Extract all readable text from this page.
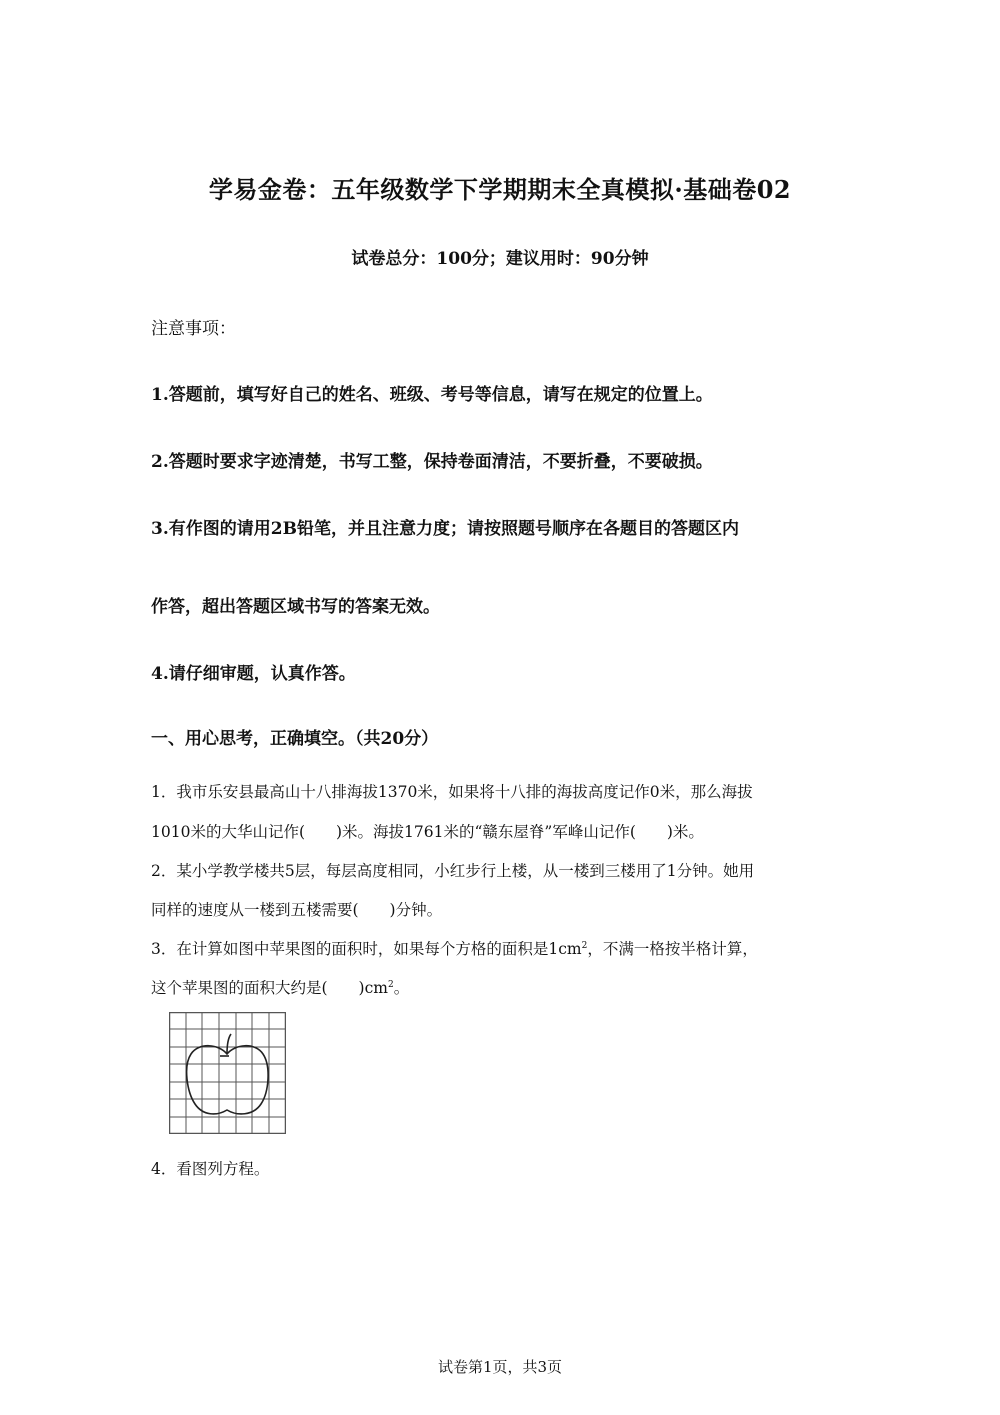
学易金卷：五年级数学下学期期末全真模拟·基础卷02
试卷总分：100分；建议用时：90分钟
注意事项：
1.答题前，填写好自己的姓名、班级、考号等信息，请写在规定的位置上。
2.答题时要求字迹清楚，书写工整，保持卷面清洁，不要折叠，不要破损。
3.有作图的请用2B铅笔，并且注意力度；请按照题号顺序在各题目的答题区内
作答，超出答题区域书写的答案无效。
4.请仔细审题，认真作答。
一、用心思考，正确填空。（共20分）
1．我市乐安县最高山十八排海拔1370米，如果将十八排的海拔高度记作0米，那么海拔
1010米的大华山记作(　　)米。海拔1761米的“赣东屋脊”军峰山记作(　　)米。
2．某小学教学楼共5层，每层高度相同，小红步行上楼，从一楼到三楼用了1分钟。她用
同样的速度从一楼到五楼需要(　　)分钟。
3．在计算如图中苹果图的面积时，如果每个方格的面积是$1cm^2$，不满一格按半格计算，
这个苹果图的面积大约是(　　)$cm^2$。
4．看图列方程。
试卷第1页，共3页
